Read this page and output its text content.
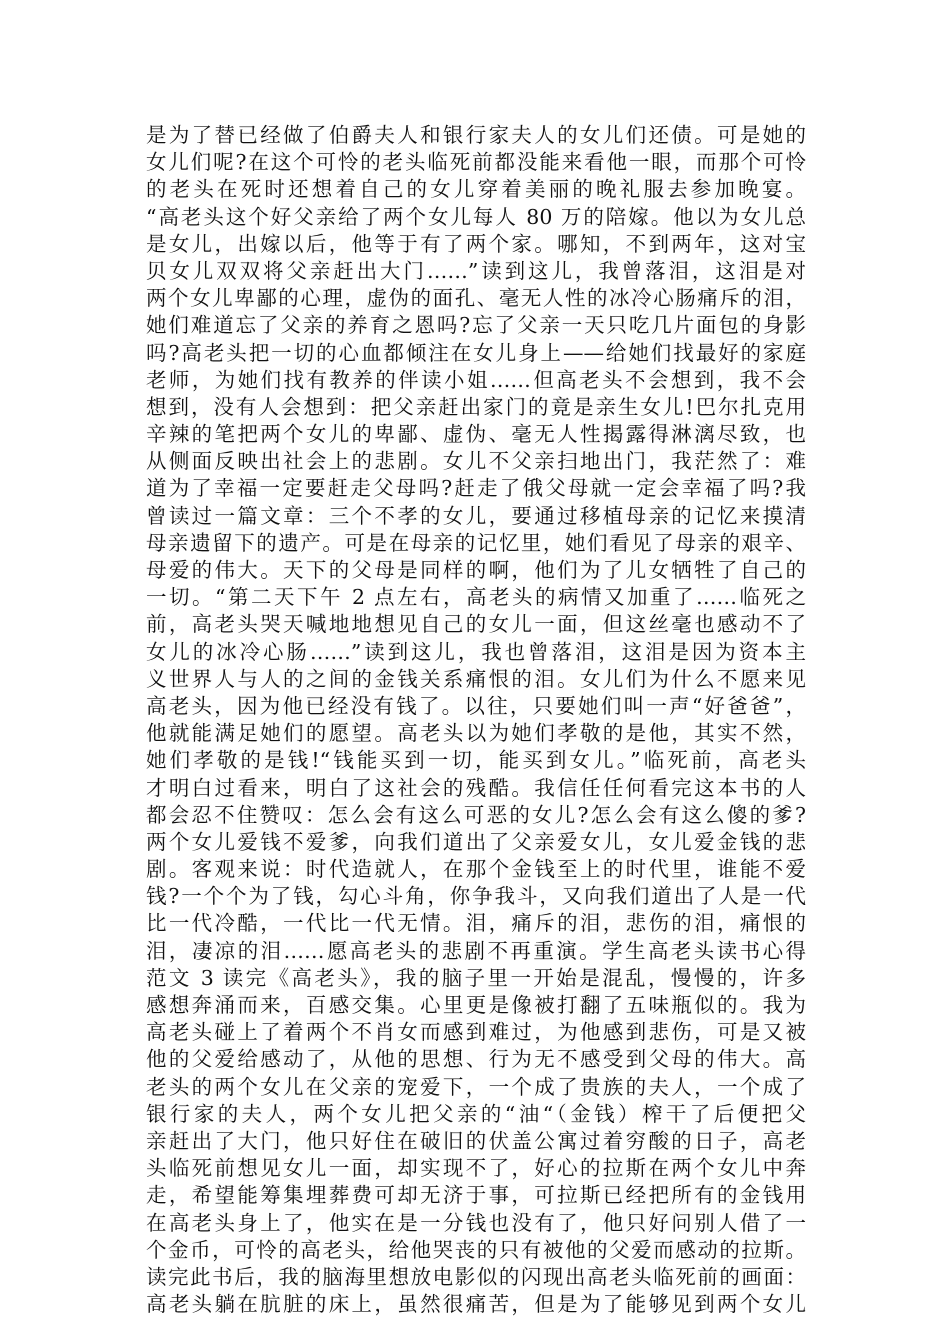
是为了替已经做了伯爵夫人和银行家夫人的女儿们还债。可是她的
女儿们呢?在这个可怜的老头临死前都没能来看他一眼，而那个可怜
的老头在死时还想着自己的女儿穿着美丽的晚礼服去参加晚宴。
“高老头这个好父亲给了两个女儿每人 80 万的陪嫁。他以为女儿总
是女儿，出嫁以后，他等于有了两个家。哪知，不到两年，这对宝
贝女儿双双将父亲赶出大门……”读到这儿，我曾落泪，这泪是对
两个女儿卑鄙的心理，虚伪的面孔、毫无人性的冰冷心肠痛斥的泪，
她们难道忘了父亲的养育之恩吗?忘了父亲一天只吃几片面包的身影
吗?高老头把一切的心血都倾注在女儿身上——给她们找最好的家庭
老师，为她们找有教养的伴读小姐……但高老头不会想到，我不会
想到，没有人会想到：把父亲赶出家门的竟是亲生女儿!巴尔扎克用
辛辣的笔把两个女儿的卑鄙、虚伪、毫无人性揭露得淋漓尽致，也
从侧面反映出社会上的悲剧。女儿不父亲扫地出门，我茫然了：难
道为了幸福一定要赶走父母吗?赶走了俄父母就一定会幸福了吗?我
曾读过一篇文章：三个不孝的女儿，要通过移植母亲的记忆来摸清
母亲遗留下的遗产。可是在母亲的记忆里，她们看见了母亲的艰辛、
母爱的伟大。天下的父母是同样的啊，他们为了儿女牺牲了自己的
一切。“第二天下午 2 点左右，高老头的病情又加重了……临死之
前，高老头哭天喊地地想见自己的女儿一面，但这丝毫也感动不了
女儿的冰冷心肠……”读到这儿，我也曾落泪，这泪是因为资本主
义世界人与人的之间的金钱关系痛恨的泪。女儿们为什么不愿来见
高老头，因为他已经没有钱了。以往，只要她们叫一声“好爸爸”，
他就能满足她们的愿望。高老头以为她们孝敬的是他，其实不然，
她们孝敬的是钱!“钱能买到一切，能买到女儿。”临死前，高老头
才明白过看来，明白了这社会的残酷。我信任任何看完这本书的人
都会忍不住赞叹：怎么会有这么可恶的女儿?怎么会有这么傻的爹?
两个女儿爱钱不爱爹，向我们道出了父亲爱女儿，女儿爱金钱的悲
剧。客观来说：时代造就人，在那个金钱至上的时代里，谁能不爱
钱?一个个为了钱，勾心斗角，你争我斗，又向我们道出了人是一代
比一代冷酷，一代比一代无情。泪，痛斥的泪，悲伤的泪，痛恨的
泪，凄凉的泪……愿高老头的悲剧不再重演。学生高老头读书心得
范文 3 读完《高老头》，我的脑子里一开始是混乱，慢慢的，许多
感想奔涌而来，百感交集。心里更是像被打翻了五味瓶似的。我为
高老头碰上了着两个不肖女而感到难过，为他感到悲伤，可是又被
他的父爱给感动了，从他的思想、行为无不感受到父母的伟大。高
老头的两个女儿在父亲的宠爱下，一个成了贵族的夫人，一个成了
银行家的夫人，两个女儿把父亲的“油“（金钱）榨干了后便把父
亲赶出了大门，他只好住在破旧的伏盖公寓过着穷酸的日子，高老
头临死前想见女儿一面，却实现不了，好心的拉斯在两个女儿中奔
走，希望能筹集埋葬费可却无济于事，可拉斯已经把所有的金钱用
在高老头身上了，他实在是一分钱也没有了，他只好问别人借了一
个金币，可怜的高老头，给他哭丧的只有被他的父爱而感动的拉斯。
读完此书后，我的脑海里想放电影似的闪现出高老头临死前的画面：
高老头躺在肮脏的床上，虽然很痛苦，但是为了能够见到两个女儿
